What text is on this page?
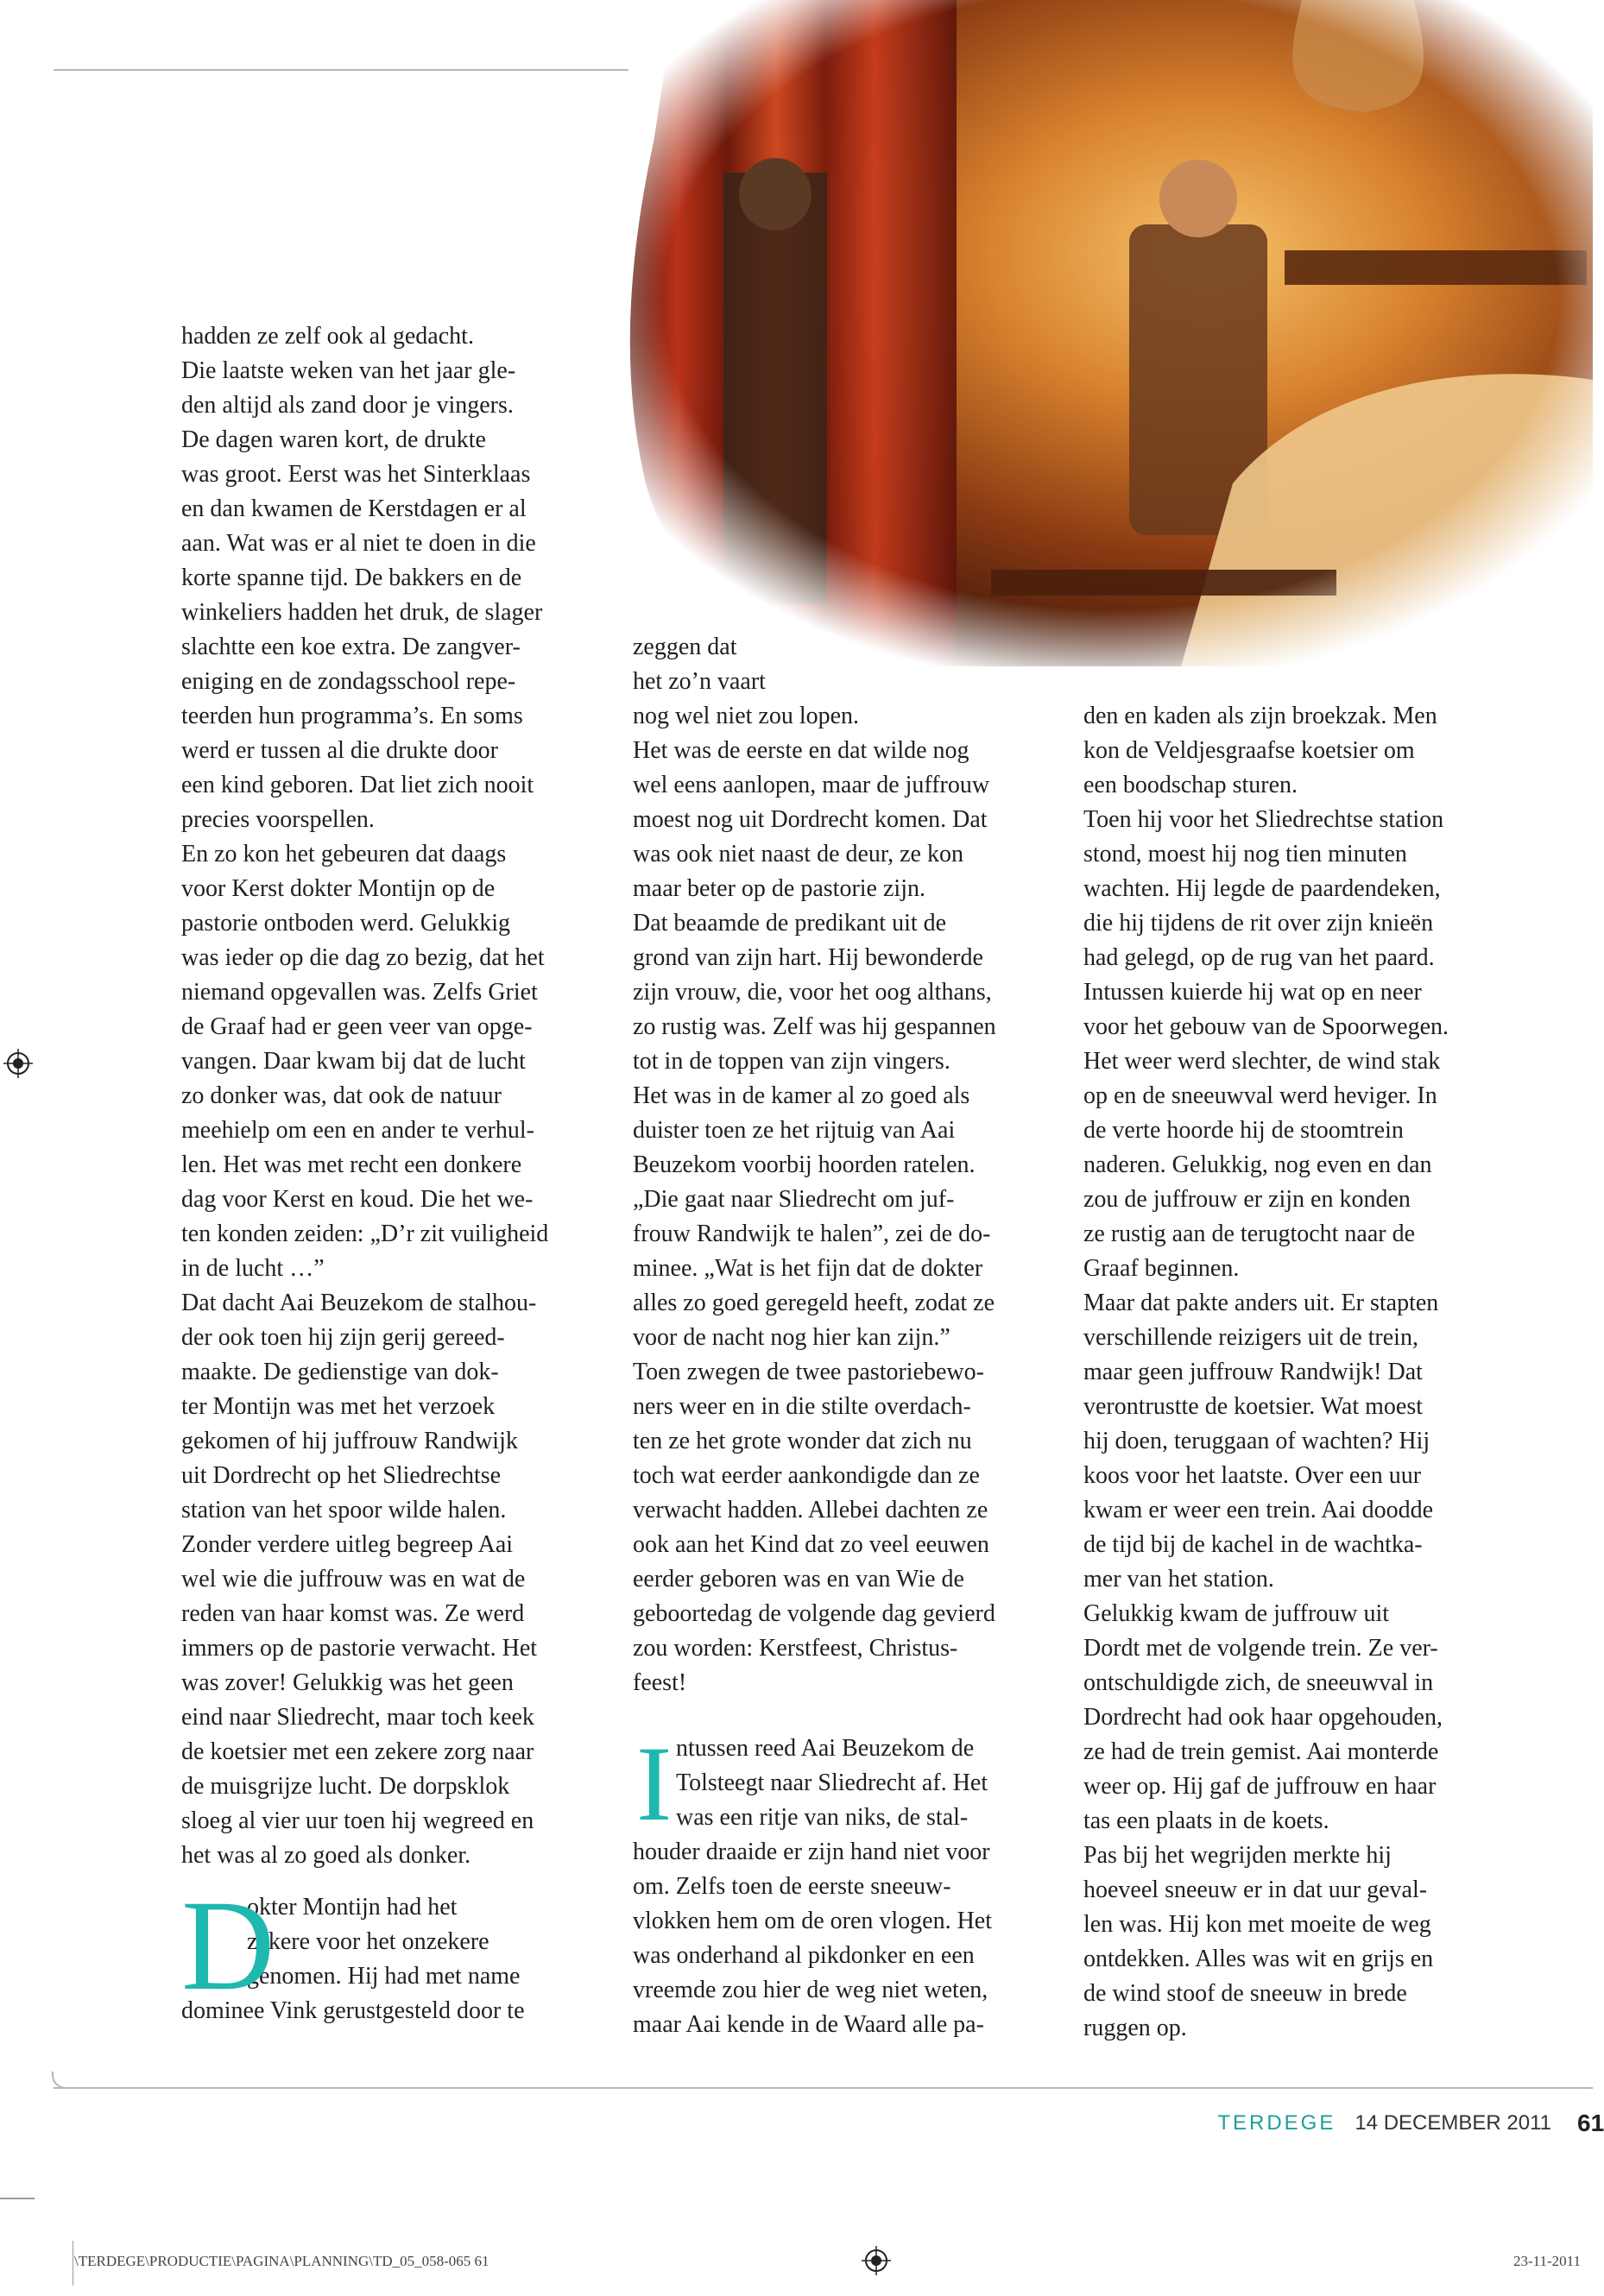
hadden ze zelf ook al gedacht.
Die laatste weken van het jaar gle-
den altijd als zand door je vingers.
De dagen waren kort, de drukte
was groot. Eerst was het Sinterklaas
en dan kwamen de Kerstdagen er al
aan. Wat was er al niet te doen in die
korte spanne tijd. De bakkers en de
winkeliers hadden het druk, de slager
slachtte een koe extra. De zangver-
eniging en de zondagsschool repe-
teerden hun programma’s. En soms
werd er tussen al die drukte door
een kind geboren. Dat liet zich nooit
precies voorspellen.
En zo kon het gebeuren dat daags
voor Kerst dokter Montijn op de
pastorie ontboden werd. Gelukkig
was ieder op die dag zo bezig, dat het
niemand opgevallen was. Zelfs Griet
de Graaf had er geen veer van opge-
vangen. Daar kwam bij dat de lucht
zo donker was, dat ook de natuur
meehielp om een en ander te verhul-
len. Het was met recht een donkere
dag voor Kerst en koud. Die het we-
ten konden zeiden: „D’r zit vuiligheid
in de lucht …”
Dat dacht Aai Beuzekom de stalhou-
der ook toen hij zijn gerij gereed-
maakte. De gedienstige van dok-
ter Montijn was met het verzoek
gekomen of hij juffrouw Randwijk
uit Dordrecht op het Sliedrechtse
station van het spoor wilde halen.
Zonder verdere uitleg begreep Aai
wel wie die juffrouw was en wat de
reden van haar komst was. Ze werd
immers op de pastorie verwacht. Het
was zover! Gelukkig was het geen
eind naar Sliedrecht, maar toch keek
de koetsier met een zekere zorg naar
de muisgrijze lucht. De dorpsklok
sloeg al vier uur toen hij wegreed en
het was al zo goed als donker.
D
okter Montijn had het
zekere voor het onzekere
genomen. Hij had met name
dominee Vink gerustgesteld door te
zeggen dat
het zo’n vaart
nog wel niet zou lopen.
Het was de eerste en dat wilde nog
wel eens aanlopen, maar de juffrouw
moest nog uit Dordrecht komen. Dat
was ook niet naast de deur, ze kon
maar beter op de pastorie zijn.
Dat beaamde de predikant uit de
grond van zijn hart. Hij bewonderde
zijn vrouw, die, voor het oog althans,
zo rustig was. Zelf was hij gespannen
tot in de toppen van zijn vingers.
Het was in de kamer al zo goed als
duister toen ze het rijtuig van Aai
Beuzekom voorbij hoorden ratelen.
„Die gaat naar Sliedrecht om juf-
frouw Randwijk te halen”, zei de do-
minee. „Wat is het fijn dat de dokter
alles zo goed geregeld heeft, zodat ze
voor de nacht nog hier kan zijn.”
Toen zwegen de twee pastoriebewo-
ners weer en in die stilte overdach-
ten ze het grote wonder dat zich nu
toch wat eerder aankondigde dan ze
verwacht hadden. Allebei dachten ze
ook aan het Kind dat zo veel eeuwen
eerder geboren was en van Wie de
geboortedag de volgende dag gevierd
zou worden: Kerstfeest, Christus-
feest!
I ntussen reed Aai Beuzekom de
Tolsteegt naar Sliedrecht af. Het
was een ritje van niks, de stal-
houder draaide er zijn hand niet voor
om. Zelfs toen de eerste sneeuw-
vlokken hem om de oren vlogen. Het
was onderhand al pikdonker en een
vreemde zou hier de weg niet weten,
maar Aai kende in de Waard alle pa-
den en kaden als zijn broekzak. Men
kon de Veldjesgraafse koetsier om
een boodschap sturen.
Toen hij voor het Sliedrechtse station
stond, moest hij nog tien minuten
wachten. Hij legde de paardendeken,
die hij tijdens de rit over zijn knieën
had gelegd, op de rug van het paard.
Intussen kuierde hij wat op en neer
voor het gebouw van de Spoorwegen.
Het weer werd slechter, de wind stak
op en de sneeuwval werd heviger. In
de verte hoorde hij de stoomtrein
naderen. Gelukkig, nog even en dan
zou de juffrouw er zijn en konden
ze rustig aan de terugtocht naar de
Graaf beginnen.
Maar dat pakte anders uit. Er stapten
verschillende reizigers uit de trein,
maar geen juffrouw Randwijk! Dat
verontrustte de koetsier. Wat moest
hij doen, teruggaan of wachten? Hij
koos voor het laatste. Over een uur
kwam er weer een trein. Aai doodde
de tijd bij de kachel in de wachtka-
mer van het station.
Gelukkig kwam de juffrouw uit
Dordt met de volgende trein. Ze ver-
ontschuldigde zich, de sneeuwval in
Dordrecht had ook haar opgehouden,
ze had de trein gemist. Aai monterde
weer op. Hij gaf de juffrouw en haar
tas een plaats in de koets.
Pas bij het wegrijden merkte hij
hoeveel sneeuw er in dat uur geval-
len was. Hij kon met moeite de weg
ontdekken. Alles was wit en grijs en
de wind stoof de sneeuw in brede
ruggen op.
TERDEGE 14 DECEMBER 2011 61
\TERDEGE\PRODUCTIE\PAGINA\PLANNING\TD_05_058-065 61	23-11-2011
